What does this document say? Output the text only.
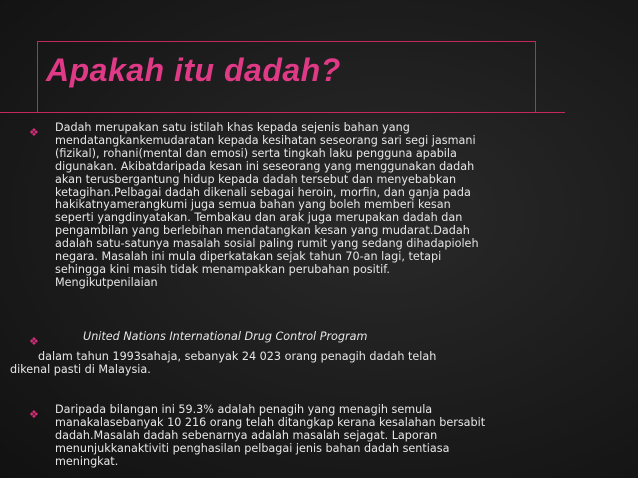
Apakah itu dadah?
❖ Dadah merupakan satu istilah khas kepada sejenis bahan yang
mendatangkankemudaratan kepada kesihatan seseorang sari segi jasmani
(fizikal), rohani(mental dan emosi) serta tingkah laku pengguna apabila
digunakan. Akibatdaripada kesan ini seseorang yang menggunakan dadah
akan terusbergantung hidup kepada dadah tersebut dan menyebabkan
ketagihan.Pelbagai dadah dikenali sebagai heroin, morfin, dan ganja pada
hakikatnyamerangkumi juga semua bahan yang boleh memberi kesan
seperti yangdinyatakan. Tembakau dan arak juga merupakan dadah dan
pengambilan yang berlebihan mendatangkan kesan yang mudarat.Dadah
adalah satu-satunya masalah sosial paling rumit yang sedang dihadapioleh
negara. Masalah ini mula diperkatakan sejak tahun 70-an lagi, tetapi
sehingga kini masih tidak menampakkan perubahan positif.
Mengikutpenilaian
❖	United Nations International Drug Control Program
dalam tahun 1993sahaja, sebanyak 24 023 orang penagih dadah telah
dikenal pasti di Malaysia.
❖ Daripada bilangan ini 59.3% adalah penagih yang menagih semula
manakalasebanyak 10 216 orang telah ditangkap kerana kesalahan bersabit
dadah.Masalah dadah sebenarnya adalah masalah sejagat. Laporan
menunjukkanaktiviti penghasilan pelbagai jenis bahan dadah sentiasa
meningkat.
